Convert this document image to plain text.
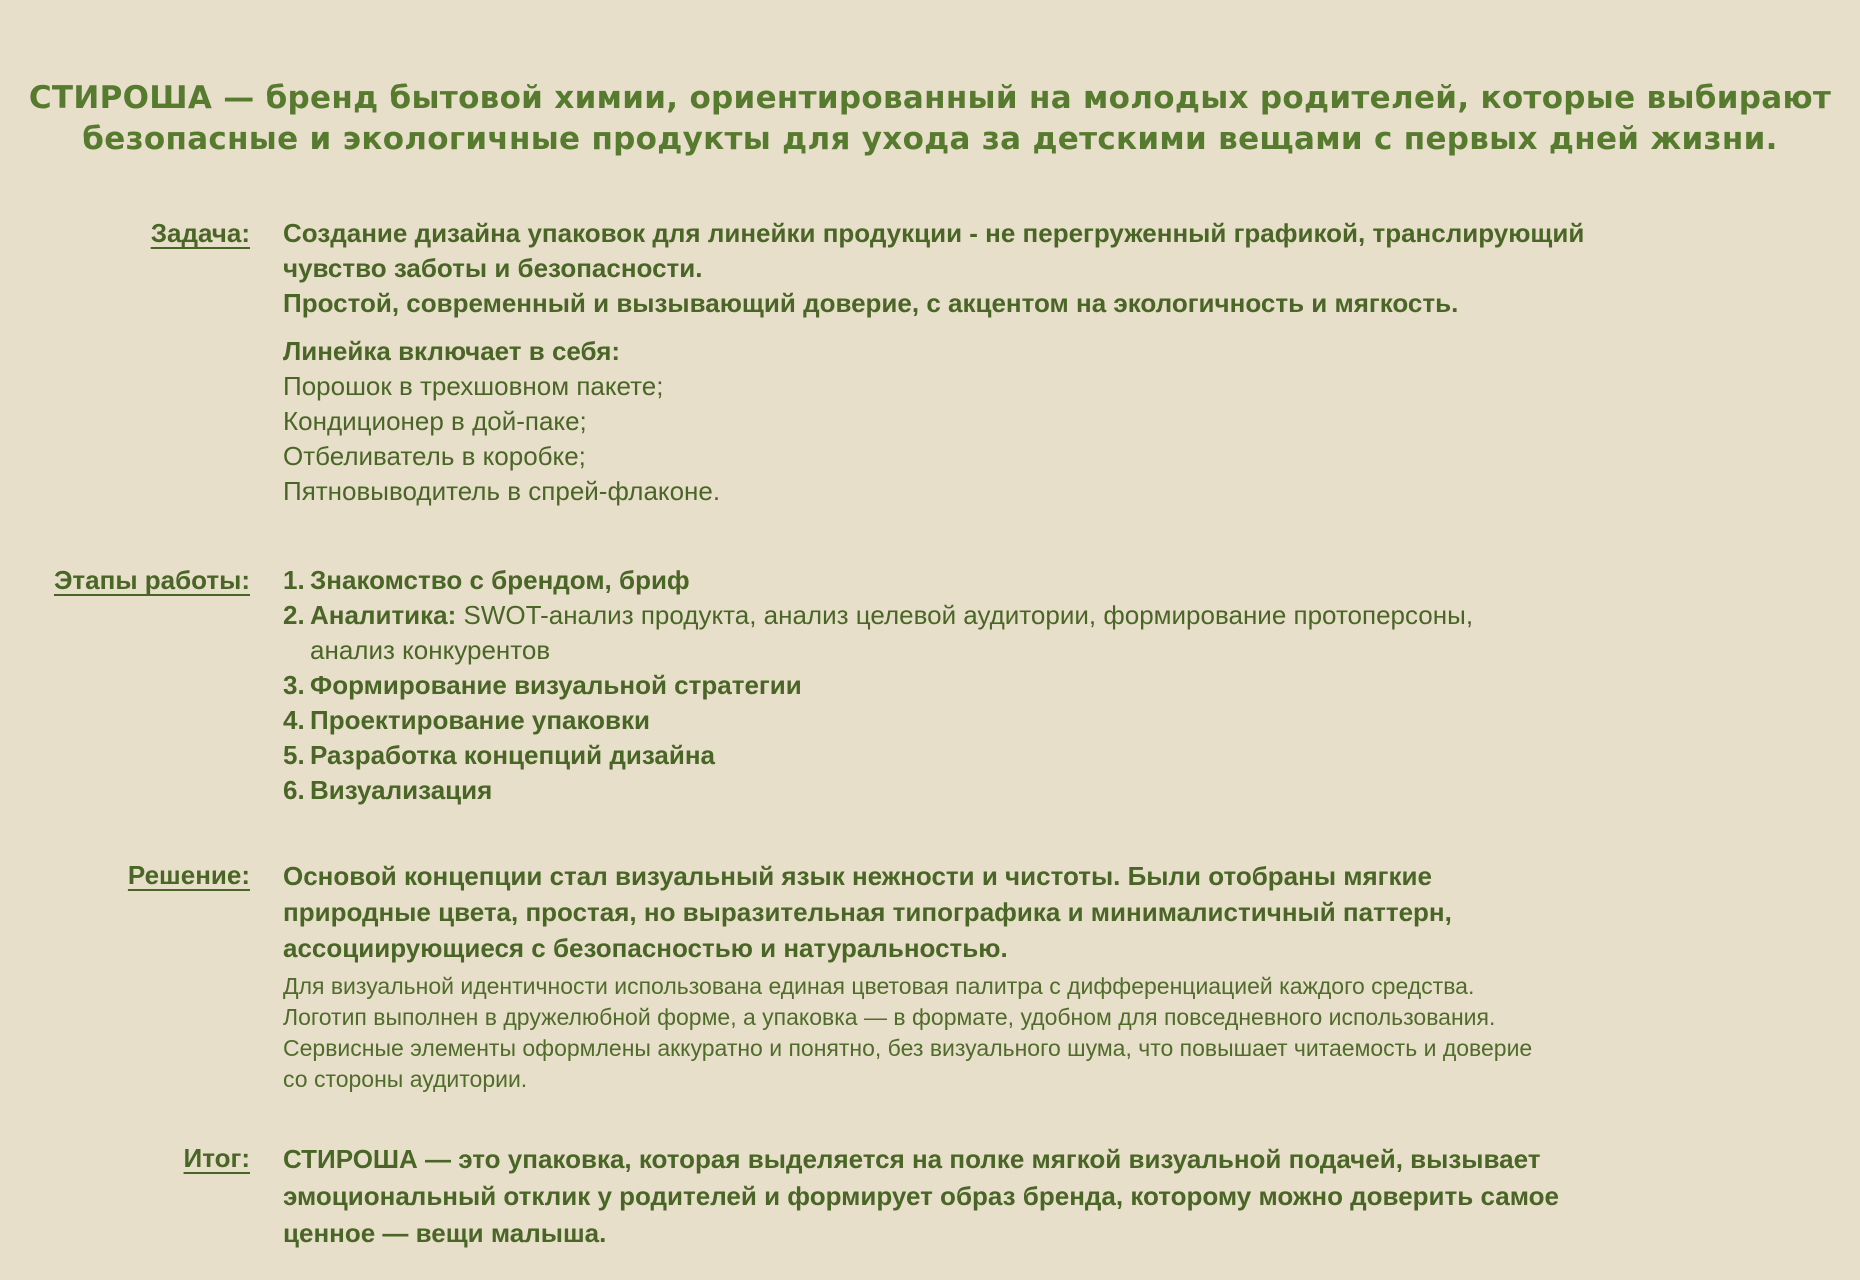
СТИРОША — бренд бытовой химии, ориентированный на молодых родителей, которые выбирают
безопасные и экологичные продукты для ухода за детскими вещами с первых дней жизни.
Задача: Создание дизайна упаковок для линейки продукции - не перегруженный графикой, транслирующий
чувство заботы и безопасности.
Простой, современный и вызывающий доверие, с акцентом на экологичность и мягкость.
Линейка включает в себя:
Порошок в трехшовном пакете;
Кондиционер в дой-паке;
Отбеливатель в коробке;
Пятновыводитель в спрей-флаконе.
Этапы работы: 1. Знакомство с брендом, бриф
2. Аналитика: SWOT-анализ продукта, анализ целевой аудитории, формирование протоперсоны,
анализ конкурентов
3. Формирование визуальной стратегии
4. Проектирование упаковки
5. Разработка концепций дизайна
6. Визуализация
Решение: Основой концепции стал визуальный язык нежности и чистоты. Были отобраны мягкие
природные цвета, простая, но выразительная типографика и минималистичный паттерн,
ассоциирующиеся с безопасностью и натуральностью.
Для визуальной идентичности использована единая цветовая палитра с дифференциацией каждого средства.
Логотип выполнен в дружелюбной форме, а упаковка — в формате, удобном для повседневного использования.
Сервисные элементы оформлены аккуратно и понятно, без визуального шума, что повышает читаемость и доверие
со стороны аудитории.
Итог: СТИРОША — это упаковка, которая выделяется на полке мягкой визуальной подачей, вызывает
эмоциональный отклик у родителей и формирует образ бренда, которому можно доверить самое
ценное — вещи малыша.
